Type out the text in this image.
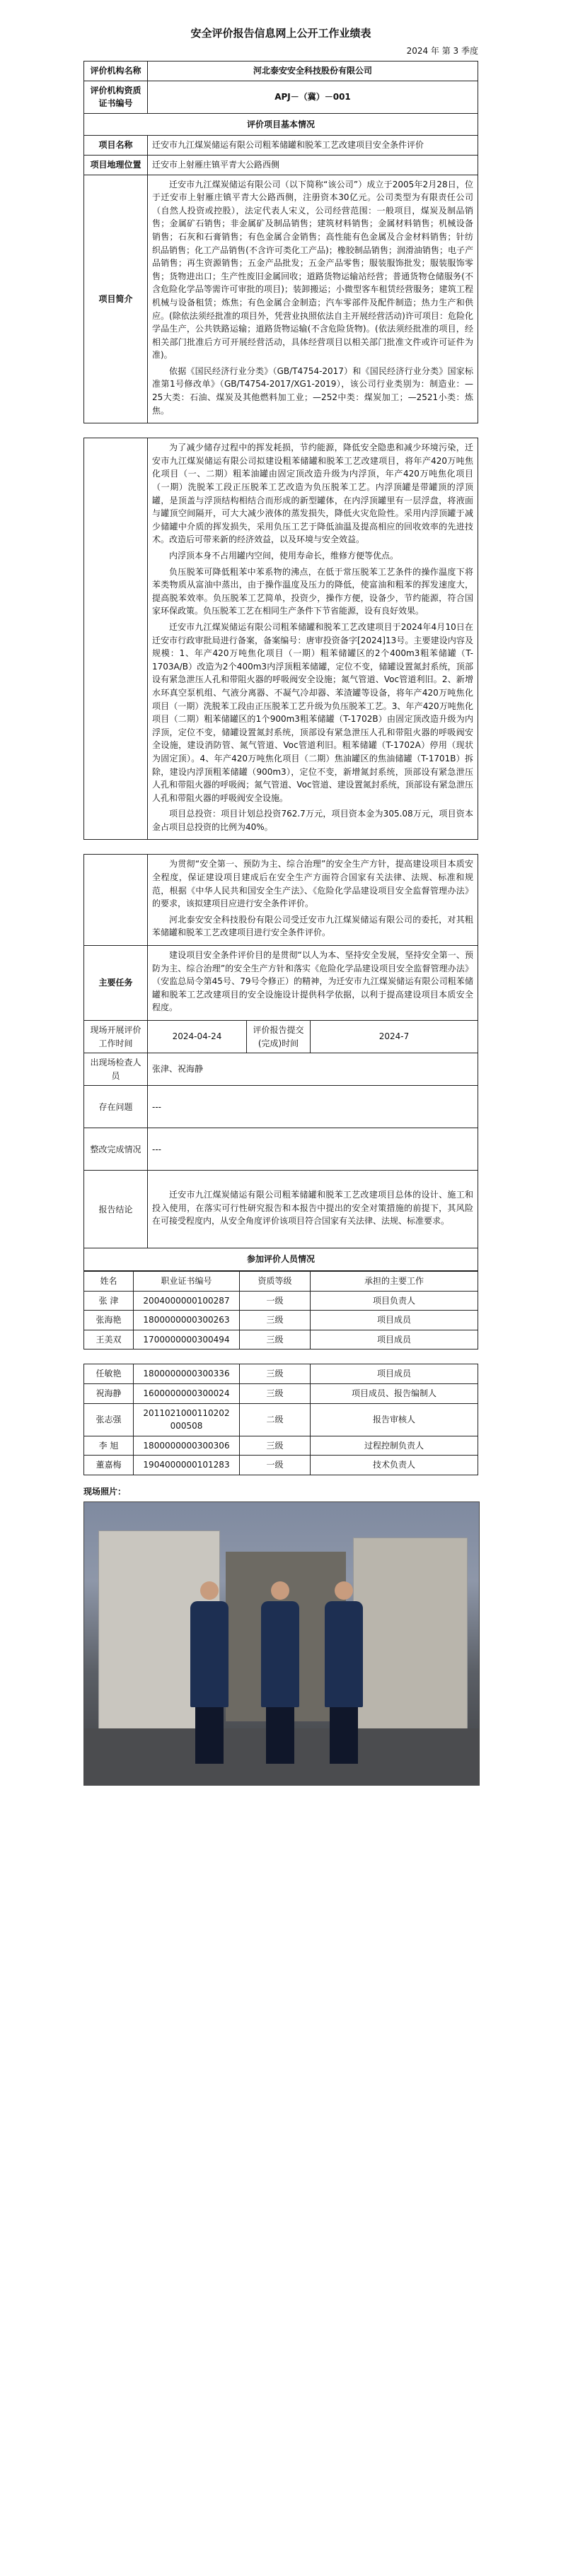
安全评价报告信息网上公开工作业绩表
2024 年 第 3 季度
评价机构名称	河北泰安安全科技股份有限公司
评价机构资质证书编号	APJ－（冀）－001
评价项目基本情况	
项目名称	迁安市九江煤炭储运有限公司粗苯储罐和脱苯工艺改建项目安全条件评价
项目地理位置	迁安市上射雁庄镇平青大公路西侧
项目简介	迁安市九江煤炭储运有限公司（以下简称“该公司”）成立于2005年2月28日，位于迁安市上射雁庄镇平青大公路西侧，注册资本30亿元。公司类型为有限责任公司（自然人投资或控股），法定代表人宋义，公司经营范围：一般项目，煤炭及制品销售；金属矿石销售；非金属矿及制品销售；建筑材料销售；金属材料销售；机械设备销售；石灰和石膏销售；有色金属合金销售；高性能有色金属及合金材料销售；针纺织品销售；化工产品销售(不含许可类化工产品)；橡胶制品销售；润滑油销售；电子产品销售；再生资源销售；五金产品批发；五金产品零售；服装服饰批发；服装服饰零售；货物进出口；生产性废旧金属回收；道路货物运输站经营；普通货物仓储服务(不含危险化学品等需许可审批的项目)；装卸搬运；小微型客车租赁经营服务；建筑工程机械与设备租赁；炼焦；有色金属合金制造；汽车零部件及配件制造；热力生产和供应。(除依法须经批准的项目外，凭营业执照依法自主开展经营活动)许可项目：危险化学品生产，公共铁路运输；道路货物运输(不含危险货物)。(依法须经批准的项目，经相关部门批准后方可开展经营活动，具体经营项目以相关部门批准文件或许可证件为准)。

依据《国民经济行业分类》（GB/T4754-2017）和《国民经济行业分类》国家标准第1号修改单》（GB/T4754-2017/XG1-2019），该公司行业类别为：制造业：—25大类：石油、煤炭及其他燃料加工业；—252中类：煤炭加工；—2521小类：炼焦。

为了减少储存过程中的挥发耗损，节约能源，降低安全隐患和减少环境污染，迁安市九江煤炭储运有限公司拟建设粗苯储罐和脱苯工艺改建项目，将年产420万吨焦化项目（一、二期）粗苯油罐由固定顶改造升级为内浮顶，年产420万吨焦化项目（一期）洗脱苯工段正压脱苯工艺改造为负压脱苯工艺。内浮顶罐是带罐顶的浮顶罐，是顶盖与浮顶结构相结合而形成的新型罐体，在内浮顶罐里有一层浮盘，将液面与罐顶空间隔开，可大大减少液体的蒸发损失，降低火灾危险性。采用内浮顶罐于减少储罐中介质的挥发损失，采用负压工艺于降低油温及提高相应的回收效率的先进技术。改造后可带来新的经济效益，以及环境与安全效益。

内浮顶本身不占用罐内空间，使用寿命长，维修方便等优点。

负压脱苯可降低粗苯中苯系物的沸点，在低于常压脱苯工艺条件的操作温度下将苯类物质从富油中蒸出，由于操作温度及压力的降低，使富油和粗苯的挥发速度大，提高脱苯效率。负压脱苯工艺简单，投资少，操作方便，设备少，节约能源，符合国家环保政策。负压脱苯工艺在相同生产条件下节省能源，设有良好效果。

迁安市九江煤炭储运有限公司粗苯储罐和脱苯工艺改建项目于2024年4月10日在迁安市行政审批局进行备案，备案编号：唐审投资备字[2024]13号。主要建设内容及规模：1、年产420万吨焦化项目（一期）粗苯储罐区的2个400m3粗苯储罐（T-1703A/B）改造为2个400m3内浮顶粗苯储罐，定位不变，储罐设置氮封系统，顶部设有紧急泄压人孔和带阻火器的呼吸阀安全设施；氮气管道、Voc管道利旧。2、新增水环真空泵机组、气液分离器、不凝气冷却器、苯渣罐等设备，将年产420万吨焦化项目（一期）洗脱苯工段由正压脱苯工艺升级为负压脱苯工艺。3、年产420万吨焦化项目（二期）粗苯储罐区的1个900m3粗苯储罐（T-1702B）由固定顶改造升级为内浮顶，定位不变，储罐设置氮封系统，顶部设有紧急泄压人孔和带阻火器的呼吸阀安全设施，建设消防管、氮气管道、Voc管道利旧。粗苯储罐（T-1702A）停用（现状为固定顶）。4、年产420万吨焦化项目（二期）焦油罐区的焦油储罐（T-1701B）拆除，建设内浮顶粗苯储罐（900m3），定位不变，新增氮封系统，顶部设有紧急泄压人孔和带阻火器的呼吸阀；氮气管道、Voc管道、建设置氮封系统，顶部设有紧急泄压人孔和带阻火器的呼吸阀安全设施。

项目总投资：项目计划总投资762.7万元，项目资本金为305.08万元，项目资本金占项目总投资的比例为40%。

	为贯彻“安全第一、预防为主、综合治理”的安全生产方针，提高建设项目本质安全程度，保证建设项目建成后在安全生产方面符合国家有关法律、法规、标准和规范，根据《中华人民共和国安全生产法》、《危险化学品建设项目安全监督管理办法》的要求，该拟建项目应进行安全条件评价。

河北泰安安全科技股份有限公司受迁安市九江煤炭储运有限公司的委托，对其粗苯储罐和脱苯工艺改建项目进行安全条件评价。		

主要任务	建设项目安全条件评价目的是贯彻“以人为本、坚持安全发展，坚持安全第一、预防为主、综合治理”的安全生产方针和落实《危险化学品建设项目安全监督管理办法》（安监总局令第45号、79号令修正）的精神，为迁安市九江煤炭储运有限公司粗苯储罐和脱苯工艺改建项目的安全设施设计提供科学依据，以利于提高建设项目本质安全程度。		

现场开展评价工作时间	2024-04-24	评价报告提交(完成)时间	2024-7
出现场检查人员	张津、祝海静		
存在问题	---		
整改完成情况	---		
报告结论	迁安市九江煤炭储运有限公司粗苯储罐和脱苯工艺改建项目总体的设计、施工和投入使用，在落实可行性研究报告和本报告中提出的安全对策措施的前提下，其风险在可接受程度内，从安全角度评价该项目符合国家有关法律、法规、标准要求。		

参加评价人员情况			
姓名	职业证书编号	资质等级	承担的主要工作
张 津	2004000000100287	一级	项目负责人
张海艳	1800000000300263	三级	项目成员
王美双	1700000000300494	三级	项目成员
任敏艳	1800000000300336	三级	项目成员
祝海静	1600000000300024	三级	项目成员、报告编制人
张志强	2011021000110202 000508	二级	报告审核人
李 旭	1800000000300306	三级	过程控制负责人
董嘉梅	1904000000101283	一级	技术负责人
现场照片：
